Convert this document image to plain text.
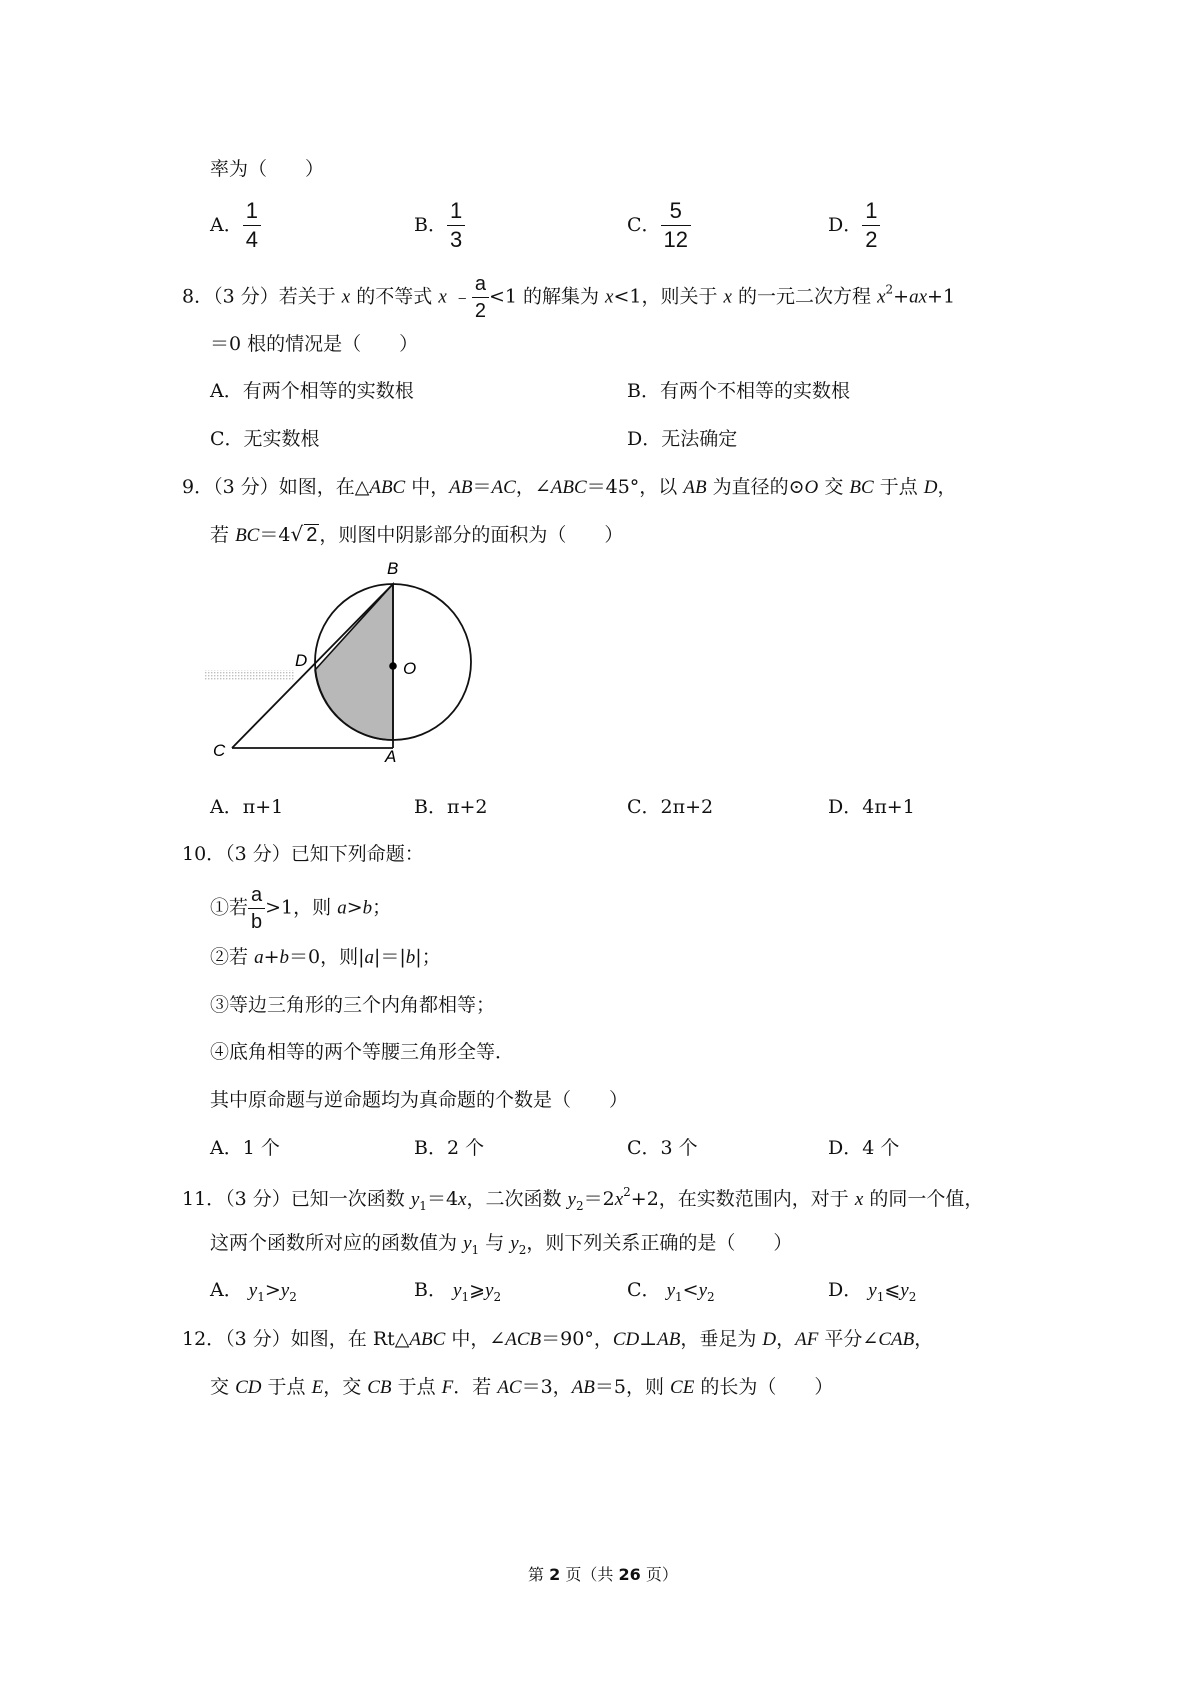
率为（　　）
A． $\frac{1}{4}$	B． $\frac{1}{3}$	C． $\frac{5}{12}$	D． $\frac{1}{2}$
8．（3 分）若关于 x 的不等式 x ﹣ $\frac{a}{2} <1$ 的解集为 x<1，则关于 x 的一元二次方程 $x^2+ax+1$
＝0 根的情况是（　　）
A．有两个相等的实数根	B．有两个不相等的实数根
C．无实数根	D．无法确定
9．（3 分）如图，在△ABC 中，AB＝AC，∠ABC＝45°，以 AB 为直径的⊙O 交 BC 于点 D，
若 BC＝4√ 2 ，则图中阴影部分的面积为（　　）
B
D	O
C	A
A．π+1	B．π+2	C．2π+2	D．4π+1
10．（3 分）已知下列命题：
①若 $\frac{a}{b} >1$，则 a>b；
②若 a+b＝0，则|a|＝|b|；
③等边三角形的三个内角都相等；
④底角相等的两个等腰三角形全等．
其中原命题与逆命题均为真命题的个数是（　　）
A．1 个	B．2 个	C．3 个	D．4 个
11．（3 分）已知一次函数 $y_1=4x$，二次函数 $y_2=2x^2+2$，在实数范围内，对于 x 的同一个值，
这两个函数所对应的函数值为 $y_1$ 与 $y_2$，则下列关系正确的是（　　）
A． $y_1>y_2$	B． $y_1⩾y_2$	C． $y_1<y_2$	D． $y_1⩽y_2$
12．（3 分）如图，在 Rt△ABC 中，∠ACB＝90°，CD⊥AB，垂足为 D，AF 平分∠CAB，
交 CD 于点 E，交 CB 于点 F．若 AC＝3，AB＝5，则 CE 的长为（　　）
第 2 页（共 26 页）
